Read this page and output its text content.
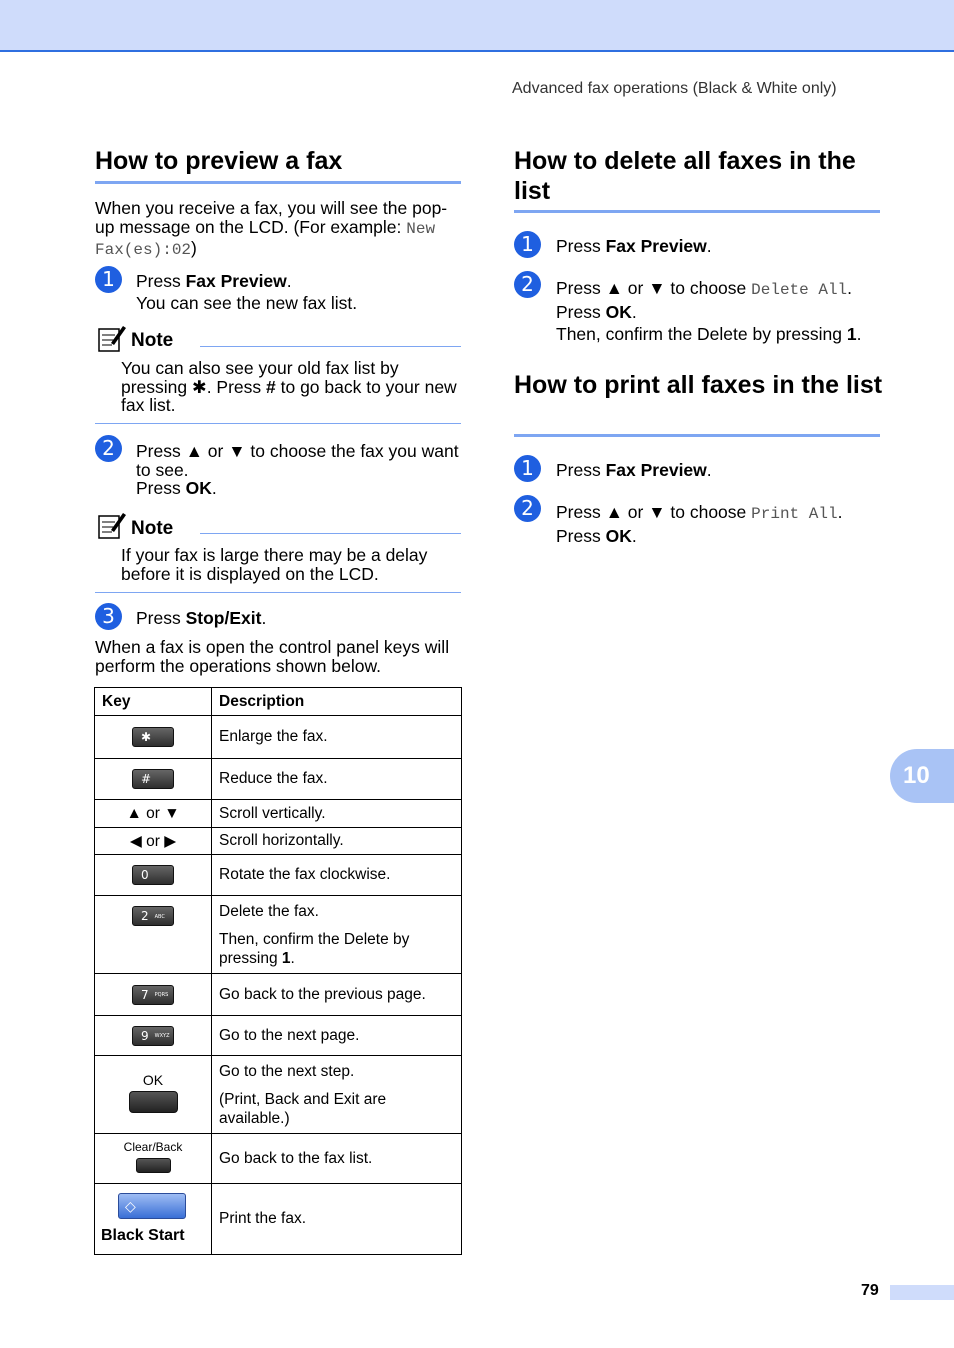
Advanced fax operations (Black & White only)
How to preview a fax
When you receive a fax, you will see the pop-up message on the LCD. (For example: New Fax(es):02)
1	Press Fax Preview.
You can see the new fax list.
Note
You can also see your old fax list by pressing ✱. Press # to go back to your new fax list.
2	Press ▲ or ▼ to choose the fax you want to see.
Press OK.
Note
If your fax is large there may be a delay before it is displayed on the LCD.
3	Press Stop/Exit.
When a fax is open the control panel keys will perform the operations shown below.
Key	Description
✱	Enlarge the fax.
#	Reduce the fax.
▲ or ▼	Scroll vertically.
◀ or ▶	Scroll horizontally.
0	Rotate the fax clockwise.
2 ABC	Delete the fax.
Then, confirm the Delete by pressing 1.

7 PQRS	Go back to the previous page.
9 WXYZ	Go to the next page.

OK	Go to the next step.
(Print, Back and Exit are available.)

Clear/Back	Go back to the fax list.

◇
Black Start	Print the fax.
How to delete all faxes in the list
1	Press Fax Preview.
2	Press ▲ or ▼ to choose Delete All.
Press OK.
Then, confirm the Delete by pressing 1.
How to print all faxes in the list
1	Press Fax Preview.
2	Press ▲ or ▼ to choose Print All.
Press OK.
10
79
